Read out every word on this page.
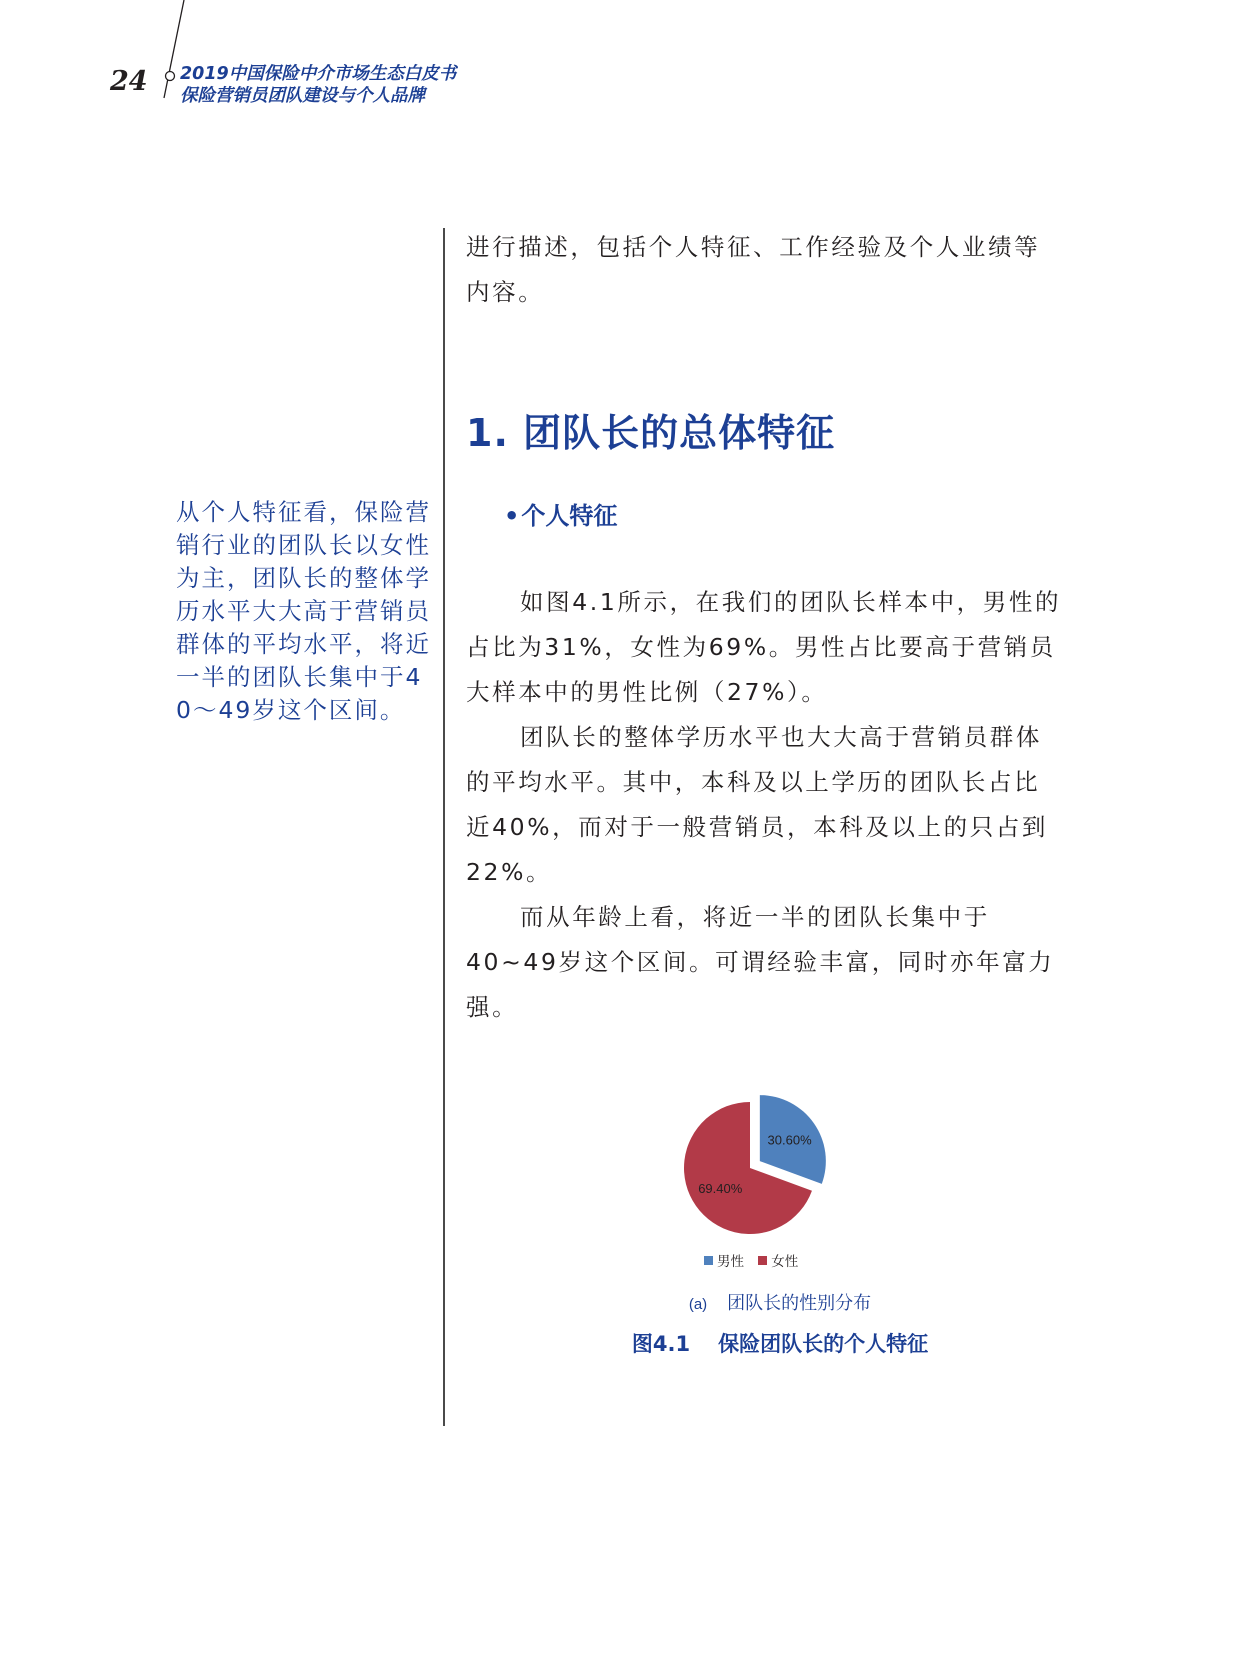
24 2019中国保险中介市场生态白皮书
保险营销员团队建设与个人品牌

进行描述，包括个人特征、工作经验及个人业绩等内容。

1. 团队长的总体特征
•个人特征

如图4.1所示，在我们的团队长样本中，男性的占比为31%，女性为69%。男性占比要高于营销员大样本中的男性比例（27%）。

团队长的整体学历水平也大大高于营销员群体的平均水平。其中，本科及以上学历的团队长占比近40%，而对于一般营销员，本科及以上的只占到22%。

而从年龄上看，将近一半的团队长集中于40~49岁这个区间。可谓经验丰富，同时亦年富力强。

从个人特征看，保险营销行业的团队长以女性为主，团队长的整体学历水平大大高于营销员群体的平均水平，将近一半的团队长集中于40～49岁这个区间。

30.60%
69.40%
男性 女性
(a) 团队长的性别分布
图4.1 保险团队长的个人特征
